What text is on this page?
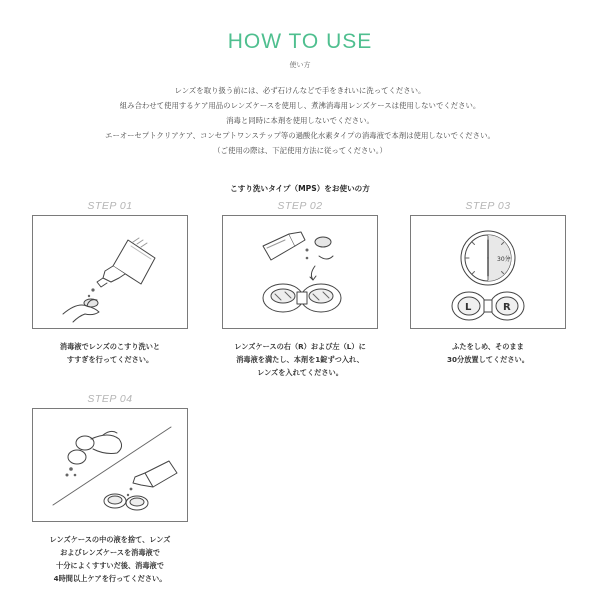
HOW TO USE
使い方
レンズを取り扱う前には、必ず石けんなどで手をきれいに洗ってください。
組み合わせて使用するケア用品のレンズケースを使用し、煮沸消毒用レンズケースは使用しないでください。
消毒と同時に本剤を使用しないでください。
エーオーセプトクリアケア、コンセプトワンステップ等の過酸化水素タイプの消毒液で本剤は使用しないでください。
（ご使用の際は、下記使用方法に従ってください。）
こすり洗いタイプ（MPS）をお使いの方
STEP 01
消毒液でレンズのこすり洗いと
すすぎを行ってください。
STEP 02
レンズケースの右（R）および左（L）に
消毒液を満たし、本剤を1錠ずつ入れ、
レンズを入れてください。
STEP 03
30分
L	R
ふたをしめ、そのまま
30分放置してください。
STEP 04
レンズケースの中の液を捨て、レンズ
およびレンズケースを消毒液で
十分によくすすいだ後、消毒液で
4時間以上ケアを行ってください。
